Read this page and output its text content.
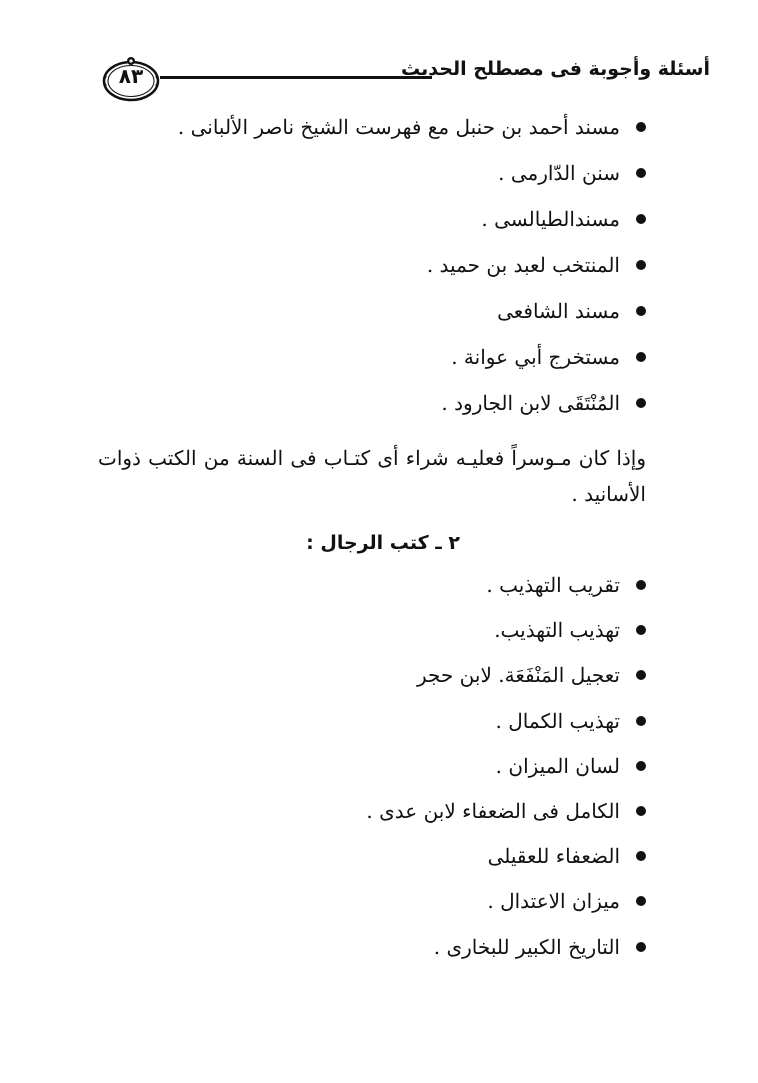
٨٣	أسئلة وأجوبة فى مصطلح الحديث
مسند أحمد بن حنبل مع فهرست الشيخ ناصر الألبانى .
سنن الدّارمى .
مسندالطيالسى .
المنتخب لعبد بن حميد .
مسند الشافعى
مستخرج أبي عوانة .
المُنْتَقَى لابن الجارود .
وإذا كان مـوسراً فعليـه شراء أى كتـاب فى السنة من الكتب ذوات الأسانيد .
٢ ـ كتب الرجال :
تقريب التهذيب .
تهذيب التهذيب.
تعجيل المَنْفَعَة. لابن حجر
تهذيب الكمال .
لسان الميزان .
الكامل فى الضعفاء لابن عدى .
الضعفاء للعقيلى
ميزان الاعتدال .
التاريخ الكبير للبخارى .
